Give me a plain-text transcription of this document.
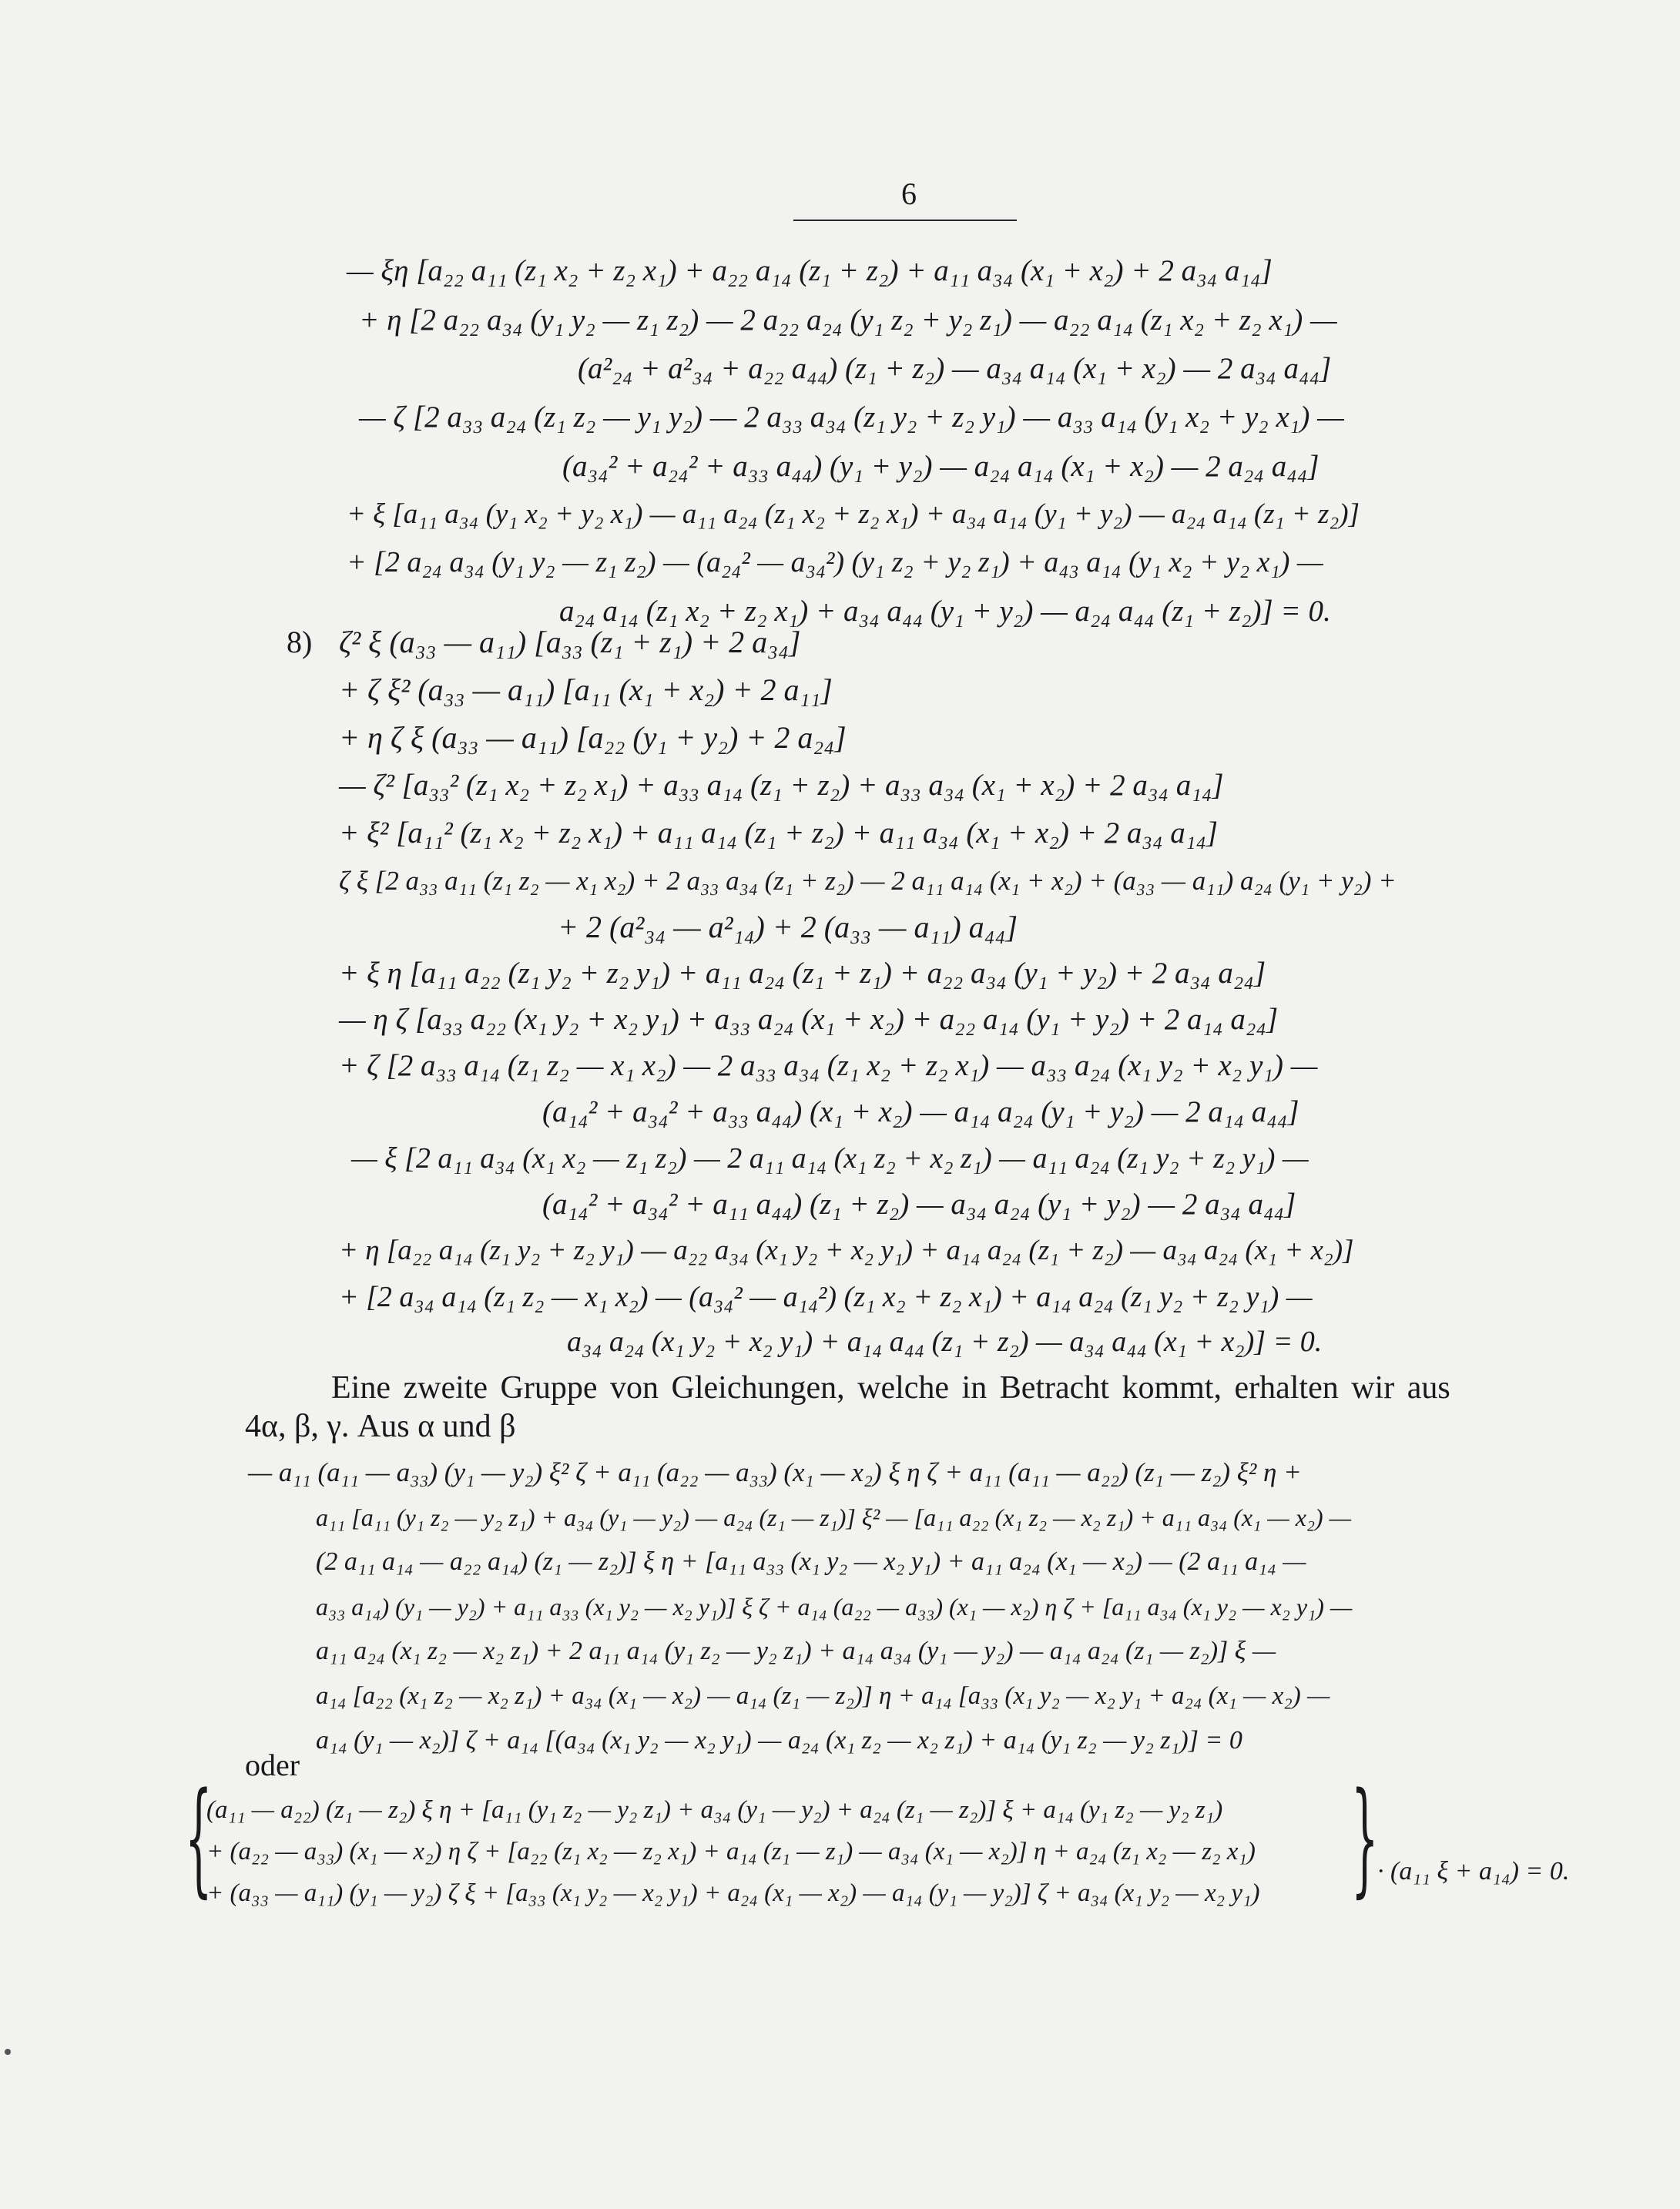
6
— ξη [a₂₂ a₁₁ (z₁ x₂ + z₂ x₁) + a₂₂ a₁₄ (z₁ + z₂) + a₁₁ a₃₄ (x₁ + x₂) + 2 a₃₄ a₁₄]
+ η [2 a₂₂ a₃₄ (y₁ y₂ — z₁ z₂) — 2 a₂₂ a₂₄ (y₁ z₂ + y₂ z₁) — a₂₂ a₁₄ (z₁ x₂ + z₂ x₁) —
(a²₂₄ + a²₃₄ + a₂₂ a₄₄) (z₁ + z₂) — a₃₄ a₁₄ (x₁ + x₂) — 2 a₃₄ a₄₄]
— ζ [2 a₃₃ a₂₄ (z₁ z₂ — y₁ y₂) — 2 a₃₃ a₃₄ (z₁ y₂ + z₂ y₁) — a₃₃ a₁₄ (y₁ x₂ + y₂ x₁) —
(a₃₄² + a₂₄² + a₃₃ a₄₄) (y₁ + y₂) — a₂₄ a₁₄ (x₁ + x₂) — 2 a₂₄ a₄₄]
+ ξ [a₁₁ a₃₄ (y₁ x₂ + y₂ x₁) — a₁₁ a₂₄ (z₁ x₂ + z₂ x₁) + a₃₄ a₁₄ (y₁ + y₂) — a₂₄ a₁₄ (z₁ + z₂)]
+ [2 a₂₄ a₃₄ (y₁ y₂ — z₁ z₂) — (a₂₄² — a₃₄²) (y₁ z₂ + y₂ z₁) + a₄₃ a₁₄ (y₁ x₂ + y₂ x₁) —
a₂₄ a₁₄ (z₁ x₂ + z₂ x₁) + a₃₄ a₄₄ (y₁ + y₂) — a₂₄ a₄₄ (z₁ + z₂)] = 0.
8) ζ² ξ (a₃₃ — a₁₁) [a₃₃ (z₁ + z₁) + 2 a₃₄]
+ ζ ξ² (a₃₃ — a₁₁) [a₁₁ (x₁ + x₂) + 2 a₁₁]
+ η ζ ξ (a₃₃ — a₁₁) [a₂₂ (y₁ + y₂) + 2 a₂₄]
— ζ² [a₃₃² (z₁ x₂ + z₂ x₁) + a₃₃ a₁₄ (z₁ + z₂) + a₃₃ a₃₄ (x₁ + x₂) + 2 a₃₄ a₁₄]
+ ξ² [a₁₁² (z₁ x₂ + z₂ x₁) + a₁₁ a₁₄ (z₁ + z₂) + a₁₁ a₃₄ (x₁ + x₂) + 2 a₃₄ a₁₄]
ζ ξ [2 a₃₃ a₁₁ (z₁ z₂ — x₁ x₂) + 2 a₃₃ a₃₄ (z₁ + z₂) — 2 a₁₁ a₁₄ (x₁ + x₂) + (a₃₃ — a₁₁) a₂₄ (y₁ + y₂) +
+ 2 (a²₃₄ — a²₁₄) + 2 (a₃₃ — a₁₁) a₄₄]
+ ξ η [a₁₁ a₂₂ (z₁ y₂ + z₂ y₁) + a₁₁ a₂₄ (z₁ + z₁) + a₂₂ a₃₄ (y₁ + y₂) + 2 a₃₄ a₂₄]
— η ζ [a₃₃ a₂₂ (x₁ y₂ + x₂ y₁) + a₃₃ a₂₄ (x₁ + x₂) + a₂₂ a₁₄ (y₁ + y₂) + 2 a₁₄ a₂₄]
+ ζ [2 a₃₃ a₁₄ (z₁ z₂ — x₁ x₂) — 2 a₃₃ a₃₄ (z₁ x₂ + z₂ x₁) — a₃₃ a₂₄ (x₁ y₂ + x₂ y₁) —
(a₁₄² + a₃₄² + a₃₃ a₄₄) (x₁ + x₂) — a₁₄ a₂₄ (y₁ + y₂) — 2 a₁₄ a₄₄]
— ξ [2 a₁₁ a₃₄ (x₁ x₂ — z₁ z₂) — 2 a₁₁ a₁₄ (x₁ z₂ + x₂ z₁) — a₁₁ a₂₄ (z₁ y₂ + z₂ y₁) —
(a₁₄² + a₃₄² + a₁₁ a₄₄) (z₁ + z₂) — a₃₄ a₂₄ (y₁ + y₂) — 2 a₃₄ a₄₄]
+ η [a₂₂ a₁₄ (z₁ y₂ + z₂ y₁) — a₂₂ a₃₄ (x₁ y₂ + x₂ y₁) + a₁₄ a₂₄ (z₁ + z₂) — a₃₄ a₂₄ (x₁ + x₂)]
+ [2 a₃₄ a₁₄ (z₁ z₂ — x₁ x₂) — (a₃₄² — a₁₄²) (z₁ x₂ + z₂ x₁) + a₁₄ a₂₄ (z₁ y₂ + z₂ y₁) —
a₃₄ a₂₄ (x₁ y₂ + x₂ y₁) + a₁₄ a₄₄ (z₁ + z₂) — a₃₄ a₄₄ (x₁ + x₂)] = 0.
Eine zweite Gruppe von Gleichungen, welche in Betracht kommt, erhalten wir aus
4α, β, γ. Aus α und β
— a₁₁ (a₁₁ — a₃₃) (y₁ — y₂) ξ² ζ + a₁₁ (a₂₂ — a₃₃) (x₁ — x₂) ξ η ζ + a₁₁ (a₁₁ — a₂₂) (z₁ — z₂) ξ² η +
a₁₁ [a₁₁ (y₁ z₂ — y₂ z₁) + a₃₄ (y₁ — y₂) — a₂₄ (z₁ — z₁)] ξ² — [a₁₁ a₂₂ (x₁ z₂ — x₂ z₁) + a₁₁ a₃₄ (x₁ — x₂) —
(2 a₁₁ a₁₄ — a₂₂ a₁₄) (z₁ — z₂)] ξ η + [a₁₁ a₃₃ (x₁ y₂ — x₂ y₁) + a₁₁ a₂₄ (x₁ — x₂) — (2 a₁₁ a₁₄ —
a₃₃ a₁₄) (y₁ — y₂) + a₁₁ a₃₃ (x₁ y₂ — x₂ y₁)] ξ ζ + a₁₄ (a₂₂ — a₃₃) (x₁ — x₂) η ζ + [a₁₁ a₃₄ (x₁ y₂ — x₂ y₁) —
a₁₁ a₂₄ (x₁ z₂ — x₂ z₁) + 2 a₁₁ a₁₄ (y₁ z₂ — y₂ z₁) + a₁₄ a₃₄ (y₁ — y₂) — a₁₄ a₂₄ (z₁ — z₂)] ξ —
a₁₄ [a₂₂ (x₁ z₂ — x₂ z₁) + a₃₄ (x₁ — x₂) — a₁₄ (z₁ — z₂)] η + a₁₄ [a₃₃ (x₁ y₂ — x₂ y₁ + a₂₄ (x₁ — x₂) —
a₁₄ (y₁ — x₂)] ζ + a₁₄ [(a₃₄ (x₁ y₂ — x₂ y₁) — a₂₄ (x₁ z₂ — x₂ z₁) + a₁₄ (y₁ z₂ — y₂ z₁)] = 0
oder
{
(a₁₁ — a₂₂) (z₁ — z₂) ξ η + [a₁₁ (y₁ z₂ — y₂ z₁) + a₃₄ (y₁ — y₂) + a₂₄ (z₁ — z₂)] ξ + a₁₄ (y₁ z₂ — y₂ z₁)
+ (a₂₂ — a₃₃) (x₁ — x₂) η ζ + [a₂₂ (z₁ x₂ — z₂ x₁) + a₁₄ (z₁ — z₁) — a₃₄ (x₁ — x₂)] η + a₂₄ (z₁ x₂ — z₂ x₁)
+ (a₃₃ — a₁₁) (y₁ — y₂) ζ ξ + [a₃₃ (x₁ y₂ — x₂ y₁) + a₂₄ (x₁ — x₂) — a₁₄ (y₁ — y₂)] ζ + a₃₄ (x₁ y₂ — x₂ y₁) }
· (a₁₁ ξ + a₁₄) = 0.
